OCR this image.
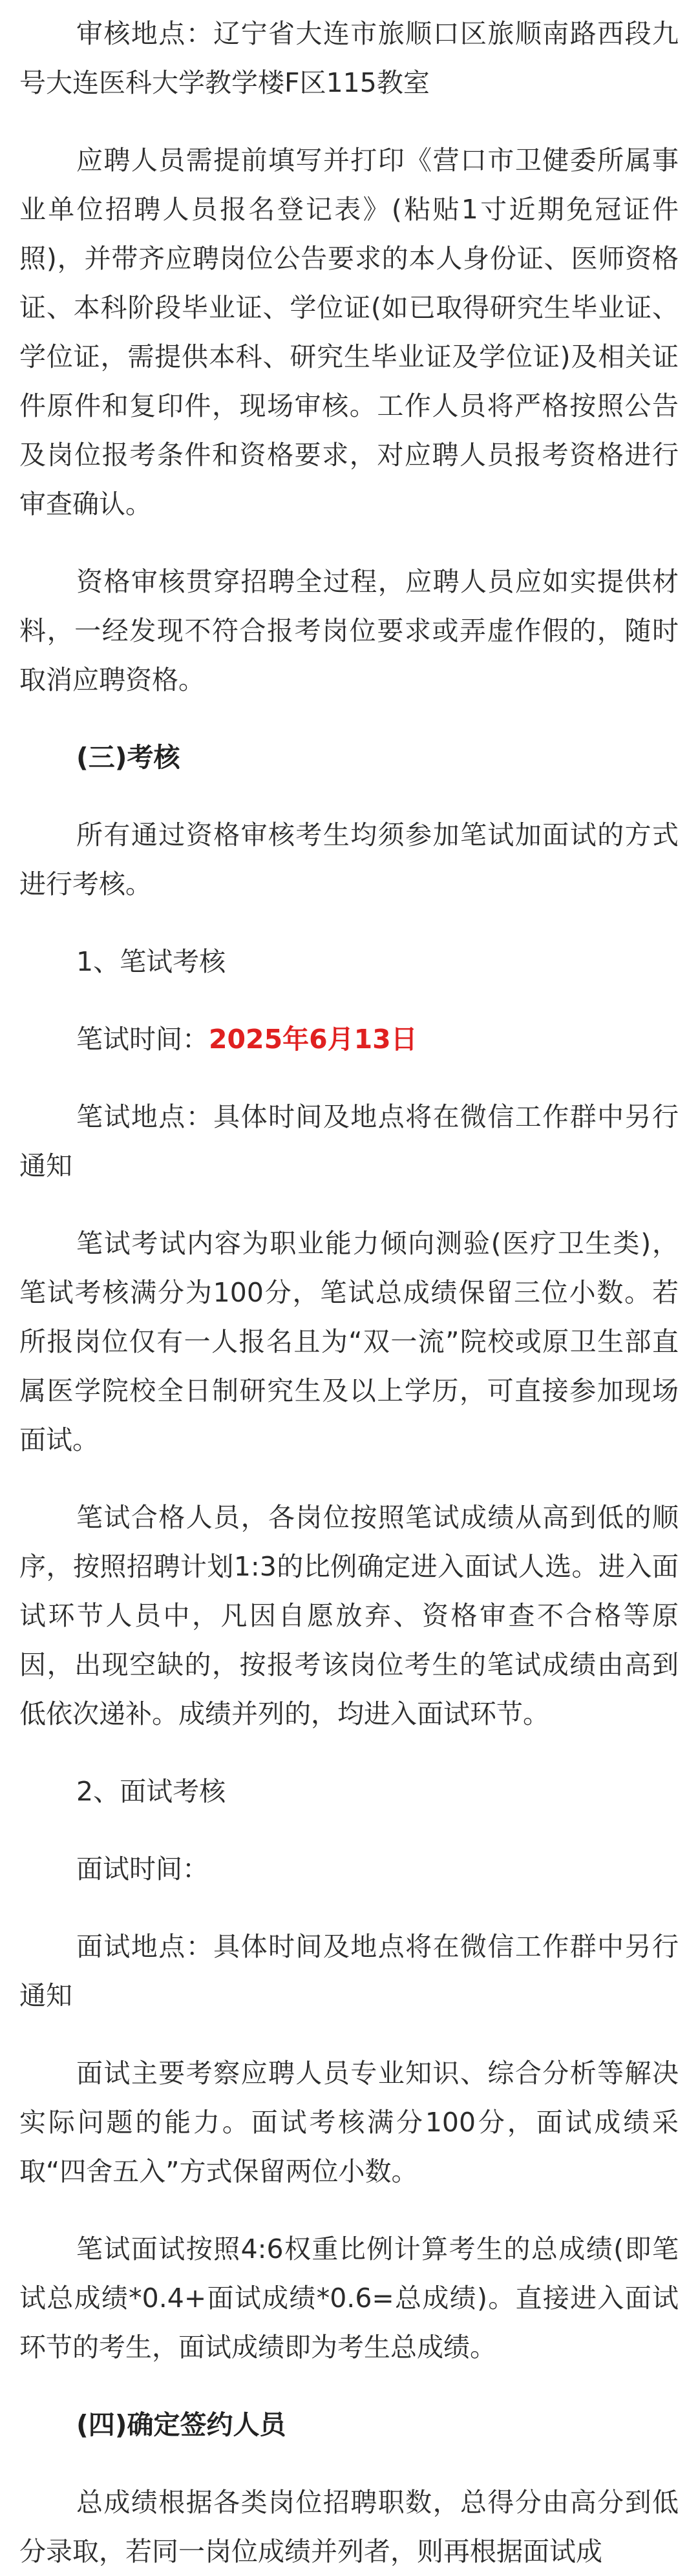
审核地点：辽宁省大连市旅顺口区旅顺南路西段九号大连医科大学教学楼F区115教室

应聘人员需提前填写并打印《营口市卫健委所属事业单位招聘人员报名登记表》(粘贴1寸近期免冠证件照)，并带齐应聘岗位公告要求的本人身份证、医师资格证、本科阶段毕业证、学位证(如已取得研究生毕业证、学位证，需提供本科、研究生毕业证及学位证)及相关证件原件和复印件，现场审核。工作人员将严格按照公告及岗位报考条件和资格要求，对应聘人员报考资格进行审查确认。

资格审核贯穿招聘全过程，应聘人员应如实提供材料，一经发现不符合报考岗位要求或弄虚作假的，随时取消应聘资格。

(三)考核

所有通过资格审核考生均须参加笔试加面试的方式进行考核。

1、笔试考核

笔试时间：2025年6月13日

笔试地点：具体时间及地点将在微信工作群中另行通知

笔试考试内容为职业能力倾向测验(医疗卫生类)，笔试考核满分为100分，笔试总成绩保留三位小数。若所报岗位仅有一人报名且为“双一流”院校或原卫生部直属医学院校全日制研究生及以上学历，可直接参加现场面试。

笔试合格人员，各岗位按照笔试成绩从高到低的顺序，按照招聘计划1:3的比例确定进入面试人选。进入面试环节人员中，凡因自愿放弃、资格审查不合格等原因，出现空缺的，按报考该岗位考生的笔试成绩由高到低依次递补。成绩并列的，均进入面试环节。

2、面试考核

面试时间：

面试地点：具体时间及地点将在微信工作群中另行通知

面试主要考察应聘人员专业知识、综合分析等解决实际问题的能力。面试考核满分100分，面试成绩采取“四舍五入”方式保留两位小数。

笔试面试按照4:6权重比例计算考生的总成绩(即笔试总成绩*0.4+面试成绩*0.6=总成绩)。直接进入面试环节的考生，面试成绩即为考生总成绩。

(四)确定签约人员

总成绩根据各类岗位招聘职数，总得分由高分到低分录取，若同一岗位成绩并列者，则再根据面试成
